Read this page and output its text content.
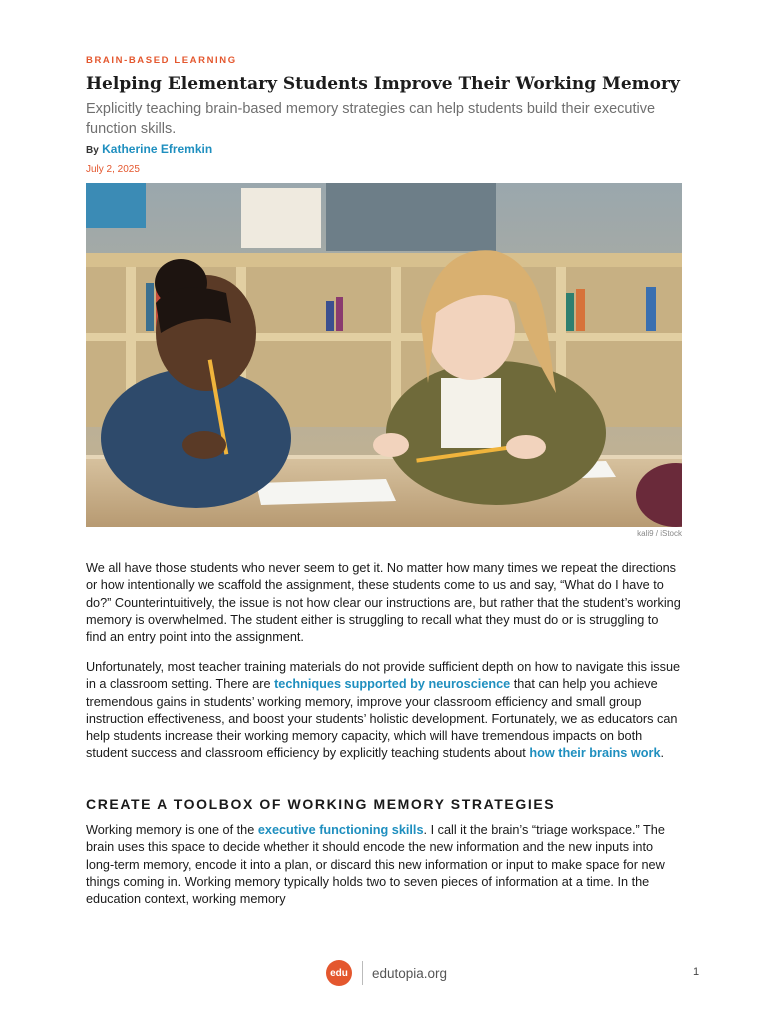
BRAIN-BASED LEARNING
Helping Elementary Students Improve Their Working Memory

Explicitly teaching brain-based memory strategies can help students build their executive function skills.

By Katherine Efremkin
July 2, 2025
kali9 / iStock

We all have those students who never seem to get it. No matter how many times we repeat the directions or how intentionally we scaffold the assignment, these students come to us and say, “What do I have to do?” Counterintuitively, the issue is not how clear our instructions are, but rather that the student’s working memory is overwhelmed. The student either is struggling to recall what they must do or is struggling to find an entry point into the assignment.

Unfortunately, most teacher training materials do not provide sufficient depth on how to navigate this issue in a classroom setting. There are techniques supported by neuroscience that can help you achieve tremendous gains in students’ working memory, improve your classroom efficiency and small group instruction effectiveness, and boost your students’ holistic development. Fortunately, we as educators can help students increase their working memory capacity, which will have tremendous impacts on both student success and classroom efficiency by explicitly teaching students about how their brains work.

CREATE A TOOLBOX OF WORKING MEMORY STRATEGIES

Working memory is one of the executive functioning skills. I call it the brain’s “triage workspace.” The brain uses this space to decide whether it should encode the new information and the new inputs into long-term memory, encode it into a plan, or discard this new information or input to make space for new things coming in. Working memory typically holds two to seven pieces of information at a time. In the education context, working memory

edu	edutopia.org	1
